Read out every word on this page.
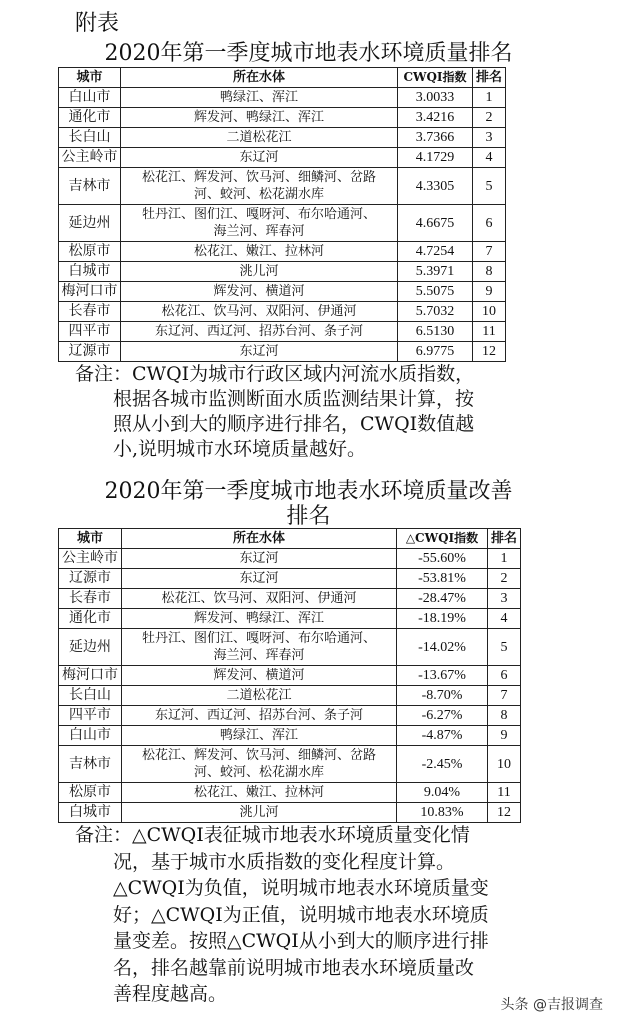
附表
2020年第一季度城市地表水环境质量排名
城市	所在水体	CWQI指数	排名
白山市	鸭绿江、浑江	3.0033	1
通化市	辉发河、鸭绿江、浑江	3.4216	2
长白山	二道松花江	3.7366	3
公主岭市	东辽河	4.1729	4
吉林市	松花江、辉发河、饮马河、细鳞河、岔路
河、蛟河、松花湖水库	4.3305	5
延边州	牡丹江、图们江、嘎呀河、布尔哈通河、
海兰河、珲春河	4.6675	6
松原市	松花江、嫩江、拉林河	4.7254	7
白城市	洮儿河	5.3971	8
梅河口市	辉发河、横道河	5.5075	9
长春市	松花江、饮马河、双阳河、伊通河	5.7032	10
四平市	东辽河、西辽河、招苏台河、条子河	6.5130	11
辽源市	东辽河	6.9775	12
备注：CWQI为城市行政区域内河流水质指数，
根据各城市监测断面水质监测结果计算，按
照从小到大的顺序进行排名，CWQI数值越
小,说明城市水环境质量越好。
2020年第一季度城市地表水环境质量改善
排名
城市	所在水体	△CWQI指数	排名
公主岭市	东辽河	-55.60%	1
辽源市	东辽河	-53.81%	2
长春市	松花江、饮马河、双阳河、伊通河	-28.47%	3
通化市	辉发河、鸭绿江、浑江	-18.19%	4
延边州	牡丹江、图们江、嘎呀河、布尔哈通河、
海兰河、珲春河	-14.02%	5
梅河口市	辉发河、横道河	-13.67%	6
长白山	二道松花江	-8.70%	7
四平市	东辽河、西辽河、招苏台河、条子河	-6.27%	8
白山市	鸭绿江、浑江	-4.87%	9
吉林市	松花江、辉发河、饮马河、细鳞河、岔路
河、蛟河、松花湖水库	-2.45%	10
松原市	松花江、嫩江、拉林河	9.04%	11
白城市	洮儿河	10.83%	12
备注：△CWQI表征城市地表水环境质量变化情
况，基于城市水质指数的变化程度计算。
△CWQI为负值，说明城市地表水环境质量变
好；△CWQI为正值，说明城市地表水环境质
量变差。按照△CWQI从小到大的顺序进行排
名，排名越靠前说明城市地表水环境质量改
善程度越高。	头条 @吉报调查
